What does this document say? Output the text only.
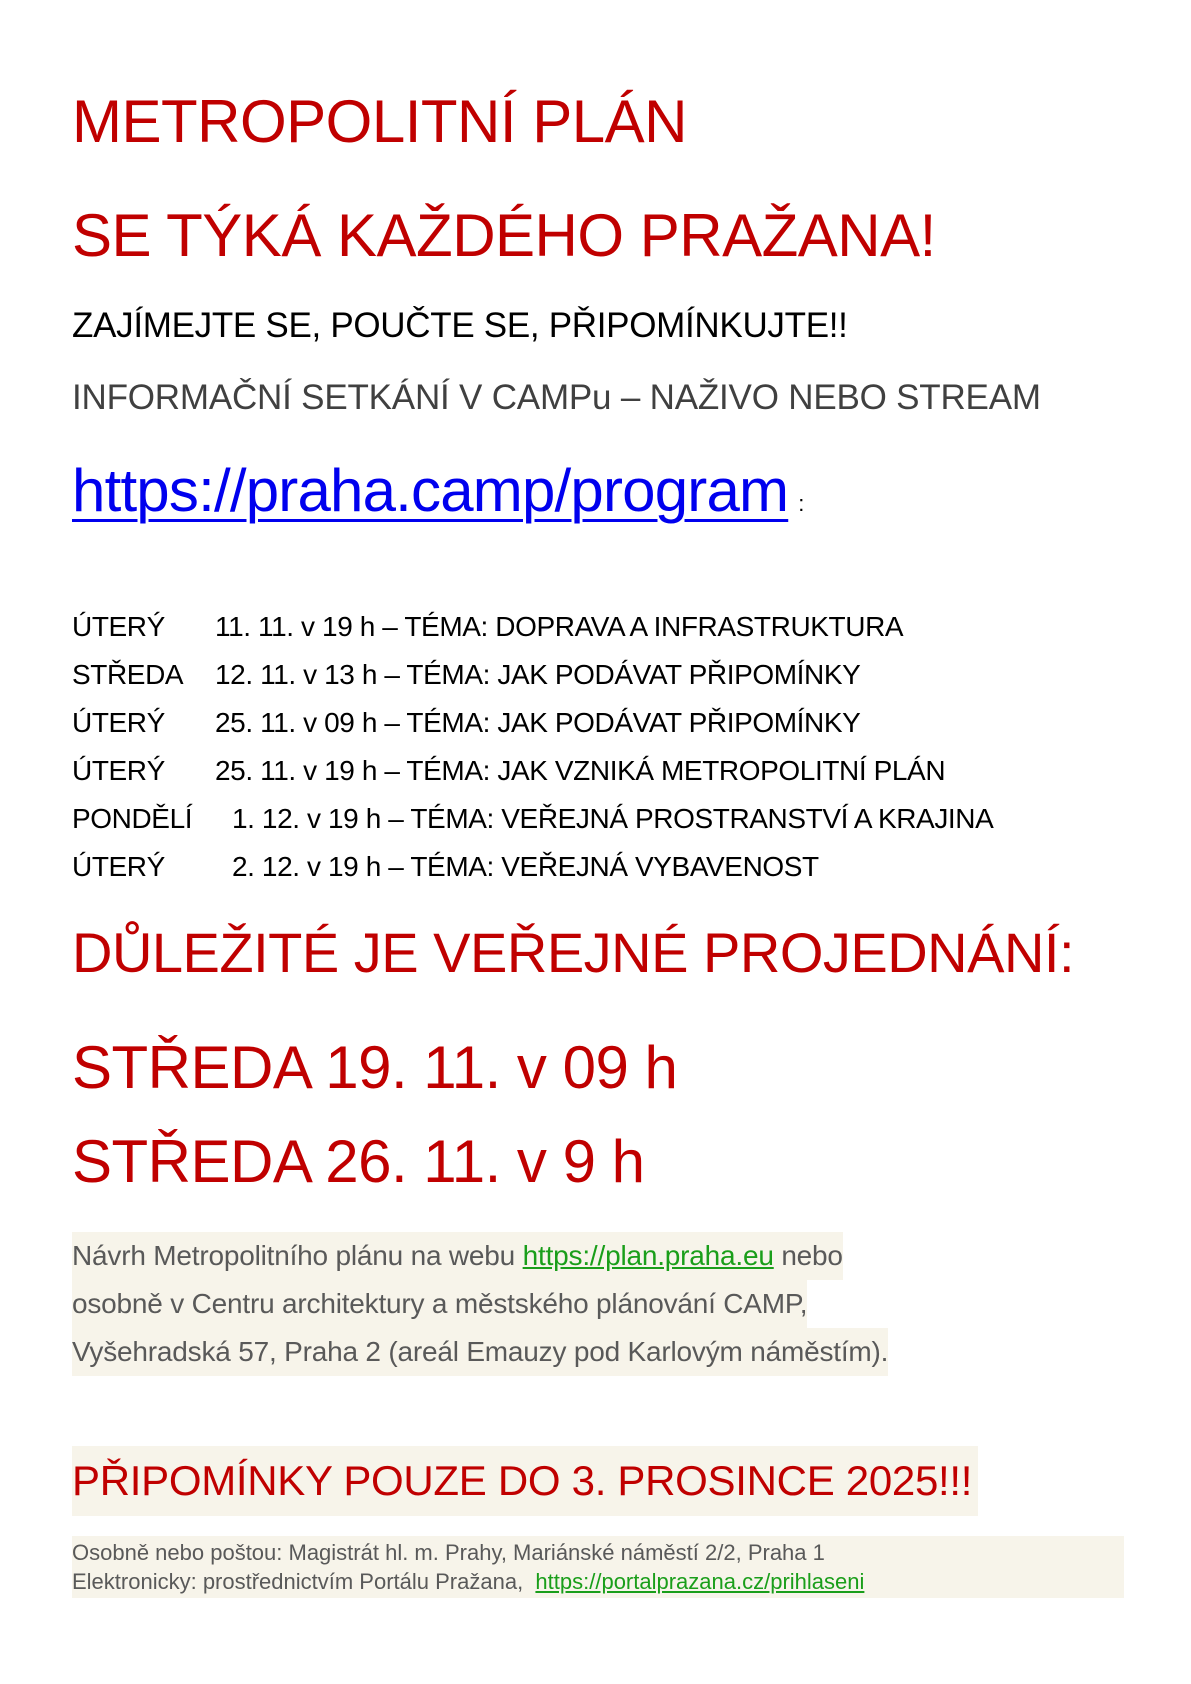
METROPOLITNÍ PLÁN
SE TÝKÁ KAŽDÉHO PRAŽANA!
ZAJÍMEJTE SE, POUČTE SE, PŘIPOMÍNKUJTE!!
INFORMAČNÍ SETKÁNÍ V CAMPu – NAŽIVO NEBO STREAM
https://praha.camp/program :
ÚTERÝ 11. 11. v 19 h – TÉMA: DOPRAVA A INFRASTRUKTURA
STŘEDA 12. 11. v 13 h – TÉMA: JAK PODÁVAT PŘIPOMÍNKY
ÚTERÝ 25. 11. v 09 h – TÉMA: JAK PODÁVAT PŘIPOMÍNKY
ÚTERÝ 25. 11. v 19 h – TÉMA: JAK VZNIKÁ METROPOLITNÍ PLÁN
PONDĚLÍ 1. 12. v 19 h – TÉMA: VEŘEJNÁ PROSTRANSTVÍ A KRAJINA
ÚTERÝ 2. 12. v 19 h – TÉMA: VEŘEJNÁ VYBAVENOST
DŮLEŽITÉ JE VEŘEJNÉ PROJEDNÁNÍ:
STŘEDA 19. 11. v 09 h
STŘEDA 26. 11. v 9 h
Návrh Metropolitního plánu na webu https://plan.praha.eu nebo
osobně v Centru architektury a městského plánování CAMP,
Vyšehradská 57, Praha 2 (areál Emauzy pod Karlovým náměstím).
PŘIPOMÍNKY POUZE DO 3. PROSINCE 2025!!!
Osobně nebo poštou: Magistrát hl. m. Prahy, Mariánské náměstí 2/2, Praha 1
Elektronicky: prostřednictvím Portálu Pražana,  https://portalprazana.cz/prihlaseni
